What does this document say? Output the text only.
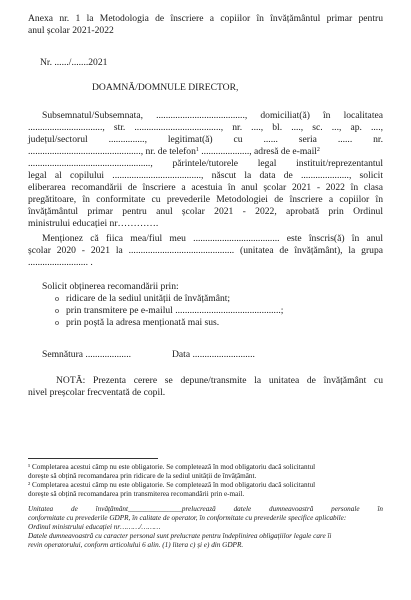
Anexa nr. 1 la Metodologia de înscriere a copiilor în învățământul primar pentru
anul școlar 2021-2022
Nr. ....../.......2021
DOAMNĂ/DOMNULE DIRECTOR,
Subsemnatul/Subsemnata, ....................................., domiciliat(ă) în localitatea
..............................., str. ...................................., nr. ...., bl. ...., sc. ..., ap. ....,
județul/sectorul ..............., legitimat(ă) cu ...... seria ...... nr.
..............................................., nr. de telefon$^1$ ...................., adresă de e-mail$^2$
..................................................., părintele/tutorele legal instituit/reprezentantul
legal al copilului ....................................., născut la data de ...................., solicit
eliberarea recomandării de înscriere a acestuia în anul școlar 2021 - 2022 în clasa
pregătitoare, în conformitate cu prevederile Metodologiei de înscriere a copiilor în
învățământul primar pentru anul școlar 2021 - 2022, aprobată prin Ordinul
ministrului educației nr………….
Menționez că fiica mea/fiul meu .................................... este înscris(ă) în anul
școlar 2020 - 2021 la ............................................ (unitatea de învățământ), la grupa
......................... .
Solicit obținerea recomandării prin:
o ridicare de la sediul unității de învățământ;
o prin transmitere pe e-mailul ............................................;
o prin poștă la adresa menționată mai sus.
Semnătura ...................	Data ..........................
NOTĂ: Prezenta cerere se depune/transmite la unitatea de învățământ cu
nivel preșcolar frecventată de copil.
¹ Completarea acestui câmp nu este obligatorie. Se completează în mod obligatoriu dacă solicitantul
dorește să obțină recomandarea prin ridicare de la sediul unității de învățământ.
² Completarea acestui câmp nu este obligatorie. Se completează în mod obligatoriu dacă solicitantul
dorește să obțină recomandarea prin transmiterea recomandării prin e-mail.
Unitatea de învățământ_______________prelucrează datele dumneavoastră personale în
conformitate cu prevederile GDPR, în calitate de operator, în conformitate cu prevederile specifice aplicabile:
Ordinul ministrului educației nr………/………
Datele dumneavoastră cu caracter personal sunt prelucrate pentru îndeplinirea obligațiilor legale care îi
revin operatorului, conform articolului 6 alin. (1) litera c) și e) din GDPR.
